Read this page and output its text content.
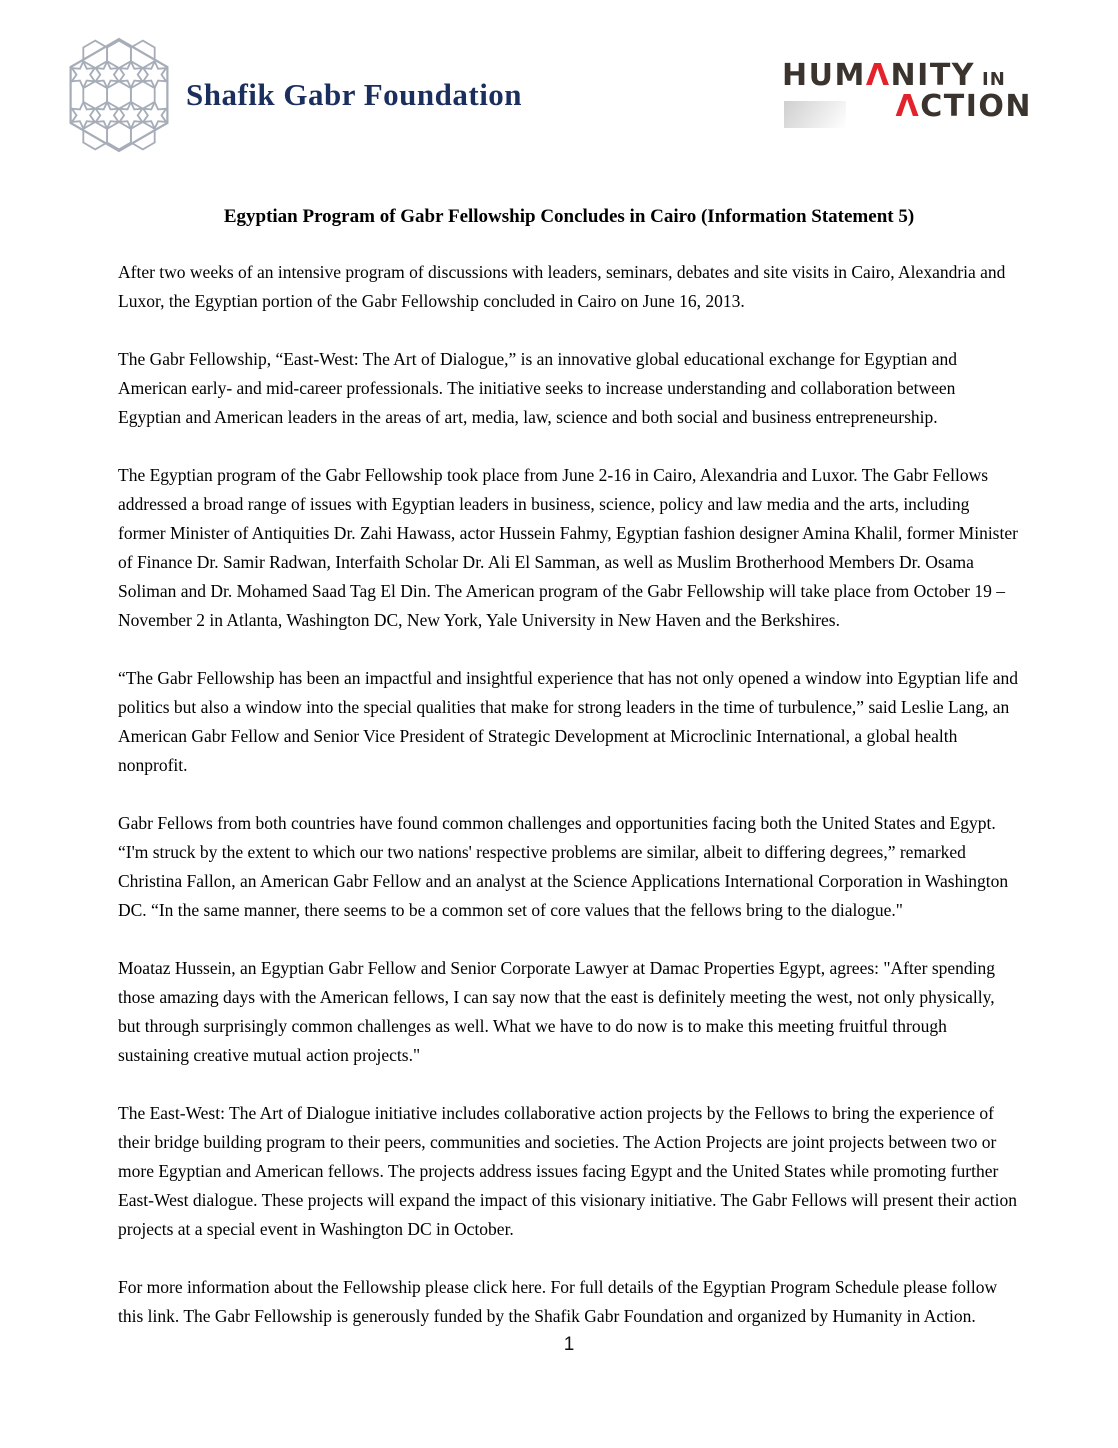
Shafik Gabr Foundation
HUMΛNITY IN
ΛCTION
Egyptian Program of Gabr Fellowship Concludes in Cairo (Information Statement 5)

After two weeks of an intensive program of discussions with leaders, seminars, debates and site visits in Cairo, Alexandria and Luxor, the Egyptian portion of the Gabr Fellowship concluded in Cairo on June 16, 2013.

The Gabr Fellowship, “East-West: The Art of Dialogue,” is an innovative global educational exchange for Egyptian and American early- and mid-career professionals. The initiative seeks to increase understanding and collaboration between Egyptian and American leaders in the areas of art, media, law, science and both social and business entrepreneurship.

The Egyptian program of the Gabr Fellowship took place from June 2-16 in Cairo, Alexandria and Luxor. The Gabr Fellows addressed a broad range of issues with Egyptian leaders in business, science, policy and law media and the arts, including former Minister of Antiquities Dr. Zahi Hawass, actor Hussein Fahmy, Egyptian fashion designer Amina Khalil, former Minister of Finance Dr. Samir Radwan, Interfaith Scholar Dr. Ali El Samman, as well as Muslim Brotherhood Members Dr. Osama Soliman and Dr. Mohamed Saad Tag El Din. The American program of the Gabr Fellowship will take place from October 19 – November 2 in Atlanta, Washington DC, New York, Yale University in New Haven and the Berkshires.

“The Gabr Fellowship has been an impactful and insightful experience that has not only opened a window into Egyptian life and politics but also a window into the special qualities that make for strong leaders in the time of turbulence,” said Leslie Lang, an American Gabr Fellow and Senior Vice President of Strategic Development at Microclinic International, a global health nonprofit.

Gabr Fellows from both countries have found common challenges and opportunities facing both the United States and Egypt. “I'm struck by the extent to which our two nations' respective problems are similar, albeit to differing degrees,” remarked Christina Fallon, an American Gabr Fellow and an analyst at the Science Applications International Corporation in Washington DC. “In the same manner, there seems to be a common set of core values that the fellows bring to the dialogue."

Moataz Hussein, an Egyptian Gabr Fellow and Senior Corporate Lawyer at Damac Properties Egypt, agrees: "After spending those amazing days with the American fellows, I can say now that the east is definitely meeting the west, not only physically, but through surprisingly common challenges as well. What we have to do now is to make this meeting fruitful through sustaining creative mutual action projects."

The East-West: The Art of Dialogue initiative includes collaborative action projects by the Fellows to bring the experience of their bridge building program to their peers, communities and societies. The Action Projects are joint projects between two or more Egyptian and American fellows. The projects address issues facing Egypt and the United States while promoting further East-West dialogue. These projects will expand the impact of this visionary initiative. The Gabr Fellows will present their action projects at a special event in Washington DC in October.

For more information about the Fellowship please click here. For full details of the Egyptian Program Schedule please follow this link. The Gabr Fellowship is generously funded by the Shafik Gabr Foundation and organized by Humanity in Action.

1
